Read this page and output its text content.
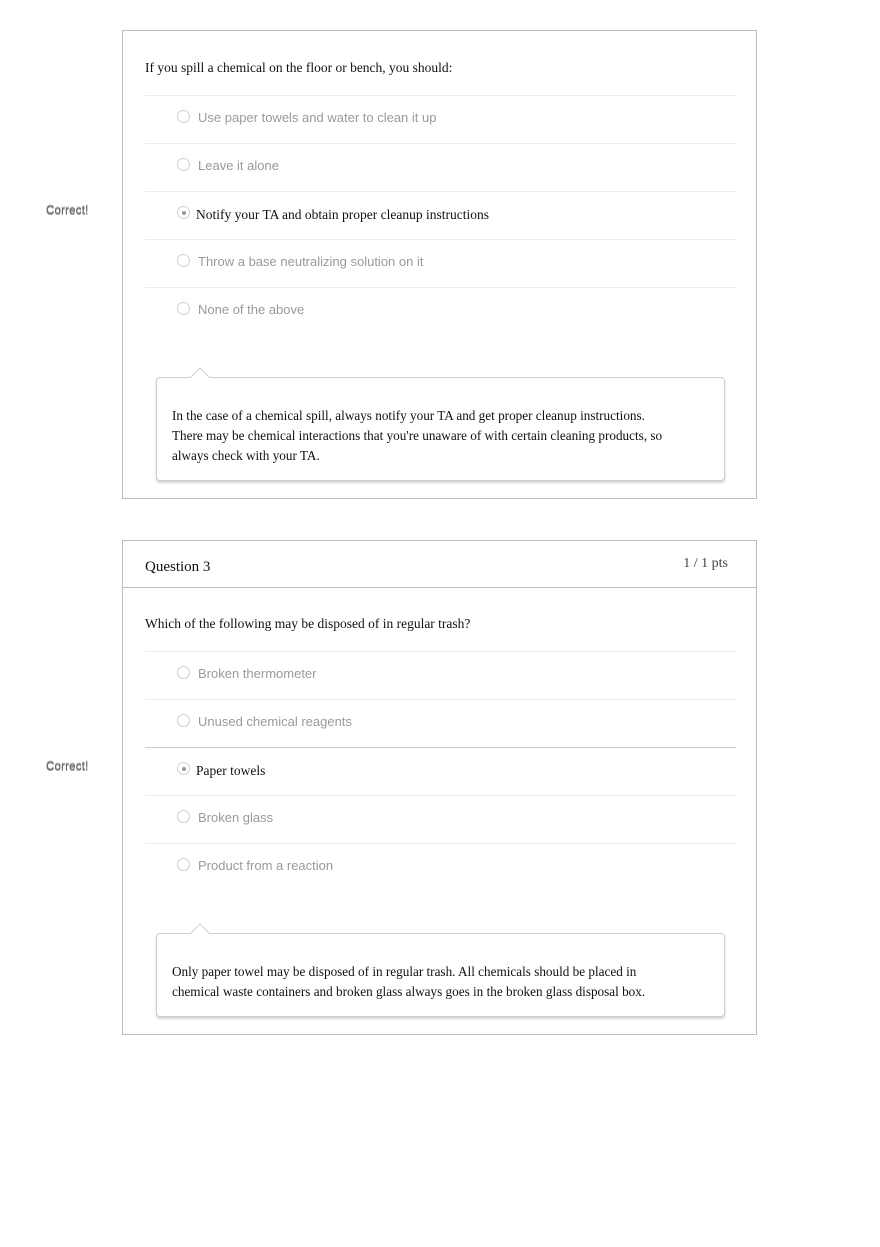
If you spill a chemical on the floor or bench, you should:
Use paper towels and water to clean it up
Leave it alone
Notify your TA and obtain proper cleanup instructions
Throw a base neutralizing solution on it
None of the above
In the case of a chemical spill, always notify your TA and get proper cleanup instructions. There may be chemical interactions that you're unaware of with certain cleaning products, so always check with your TA.
Correct!
Question 3	1 / 1 pts
Which of the following may be disposed of in regular trash?
Broken thermometer
Unused chemical reagents
Paper towels
Broken glass
Product from a reaction
Only paper towel may be disposed of in regular trash. All chemicals should be placed in chemical waste containers and broken glass always goes in the broken glass disposal box.
Correct!
